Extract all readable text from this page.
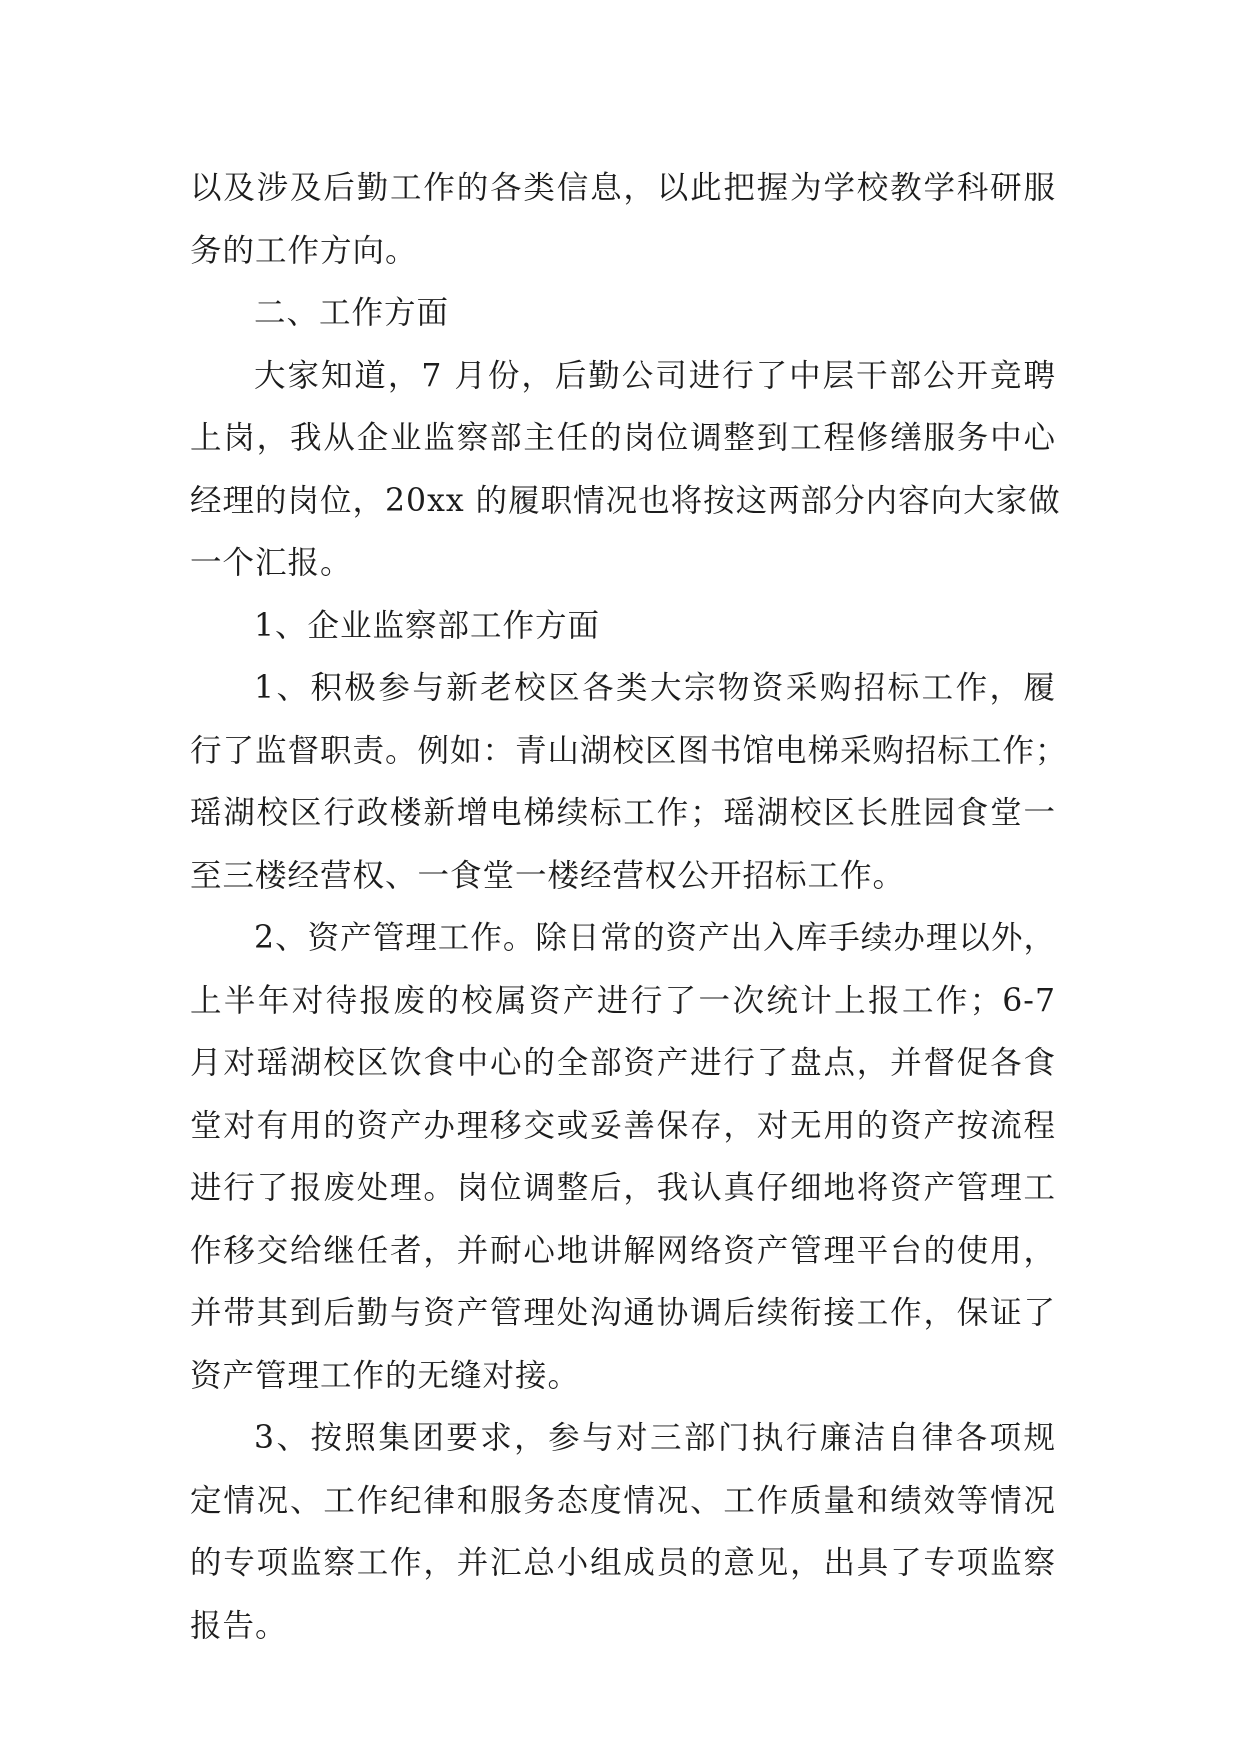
以及涉及后勤工作的各类信息，以此把握为学校教学科研服
务的工作方向。
二、工作方面
大家知道，7 月份，后勤公司进行了中层干部公开竞聘
上岗，我从企业监察部主任的岗位调整到工程修缮服务中心
经理的岗位，20xx 的履职情况也将按这两部分内容向大家做
一个汇报。
1、企业监察部工作方面
1、积极参与新老校区各类大宗物资采购招标工作，履
行了监督职责。例如：青山湖校区图书馆电梯采购招标工作；
瑶湖校区行政楼新增电梯续标工作；瑶湖校区长胜园食堂一
至三楼经营权、一食堂一楼经营权公开招标工作。
2、资产管理工作。除日常的资产出入库手续办理以外，
上半年对待报废的校属资产进行了一次统计上报工作；6-7
月对瑶湖校区饮食中心的全部资产进行了盘点，并督促各食
堂对有用的资产办理移交或妥善保存，对无用的资产按流程
进行了报废处理。岗位调整后，我认真仔细地将资产管理工
作移交给继任者，并耐心地讲解网络资产管理平台的使用，
并带其到后勤与资产管理处沟通协调后续衔接工作，保证了
资产管理工作的无缝对接。
3、按照集团要求，参与对三部门执行廉洁自律各项规
定情况、工作纪律和服务态度情况、工作质量和绩效等情况
的专项监察工作，并汇总小组成员的意见，出具了专项监察
报告。
